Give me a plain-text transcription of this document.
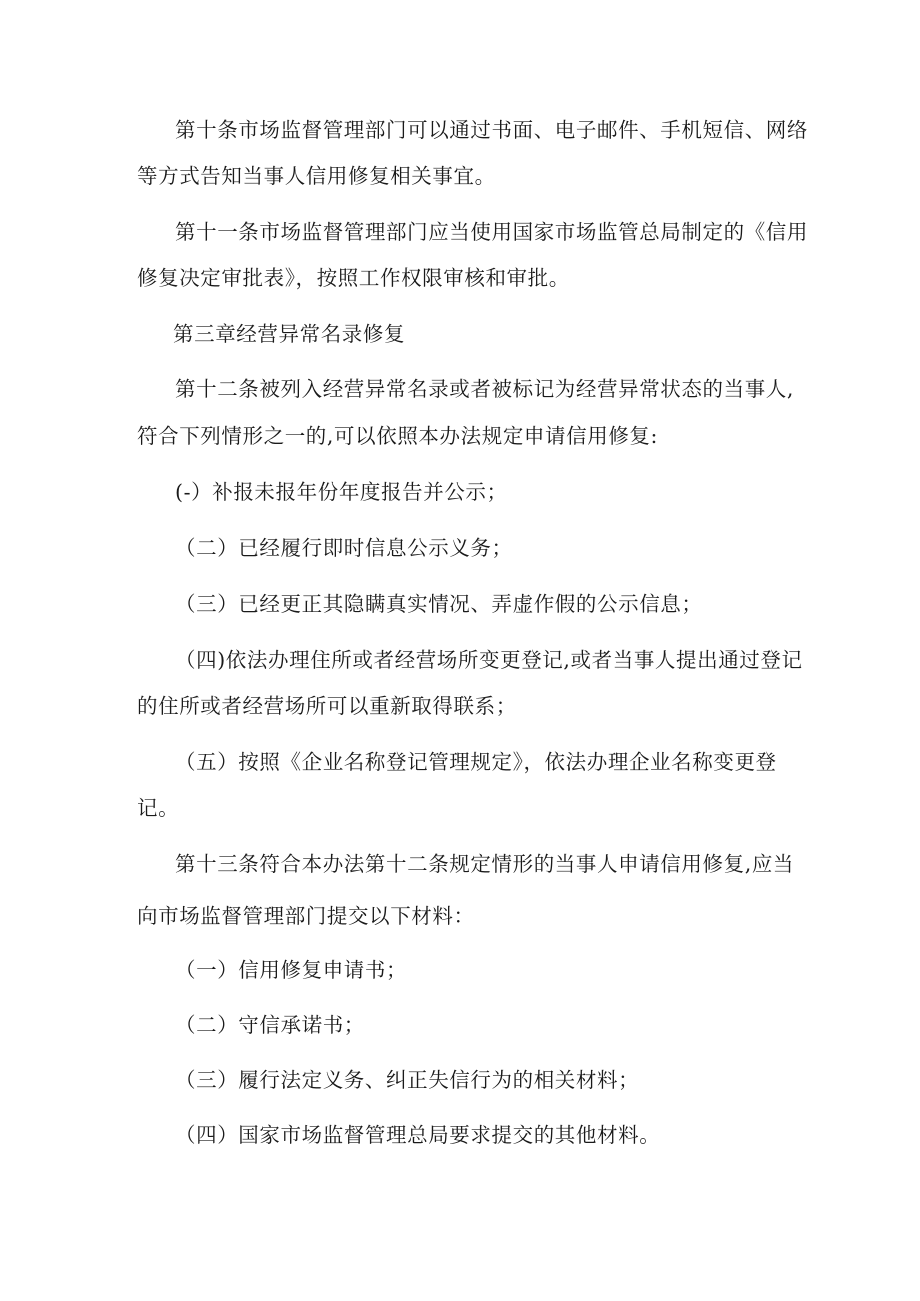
第十条市场监督管理部门可以通过书面、电子邮件、手机短信、网络
等方式告知当事人信用修复相关事宜。
第十一条市场监督管理部门应当使用国家市场监管总局制定的《信用
修复决定审批表》，按照工作权限审核和审批。
第三章经营异常名录修复
第十二条被列入经营异常名录或者被标记为经营异常状态的当事人,
符合下列情形之一的,可以依照本办法规定申请信用修复:
(-）补报未报年份年度报告并公示；
（二）已经履行即时信息公示义务；
（三）已经更正其隐瞒真实情况、弄虚作假的公示信息；
（四)依法办理住所或者经营场所变更登记,或者当事人提出通过登记
的住所或者经营场所可以重新取得联系；
（五）按照《企业名称登记管理规定》，依法办理企业名称变更登
记。
第十三条符合本办法第十二条规定情形的当事人申请信用修复,应当
向市场监督管理部门提交以下材料：
（一）信用修复申请书；
（二）守信承诺书；
（三）履行法定义务、纠正失信行为的相关材料；
（四）国家市场监督管理总局要求提交的其他材料。
